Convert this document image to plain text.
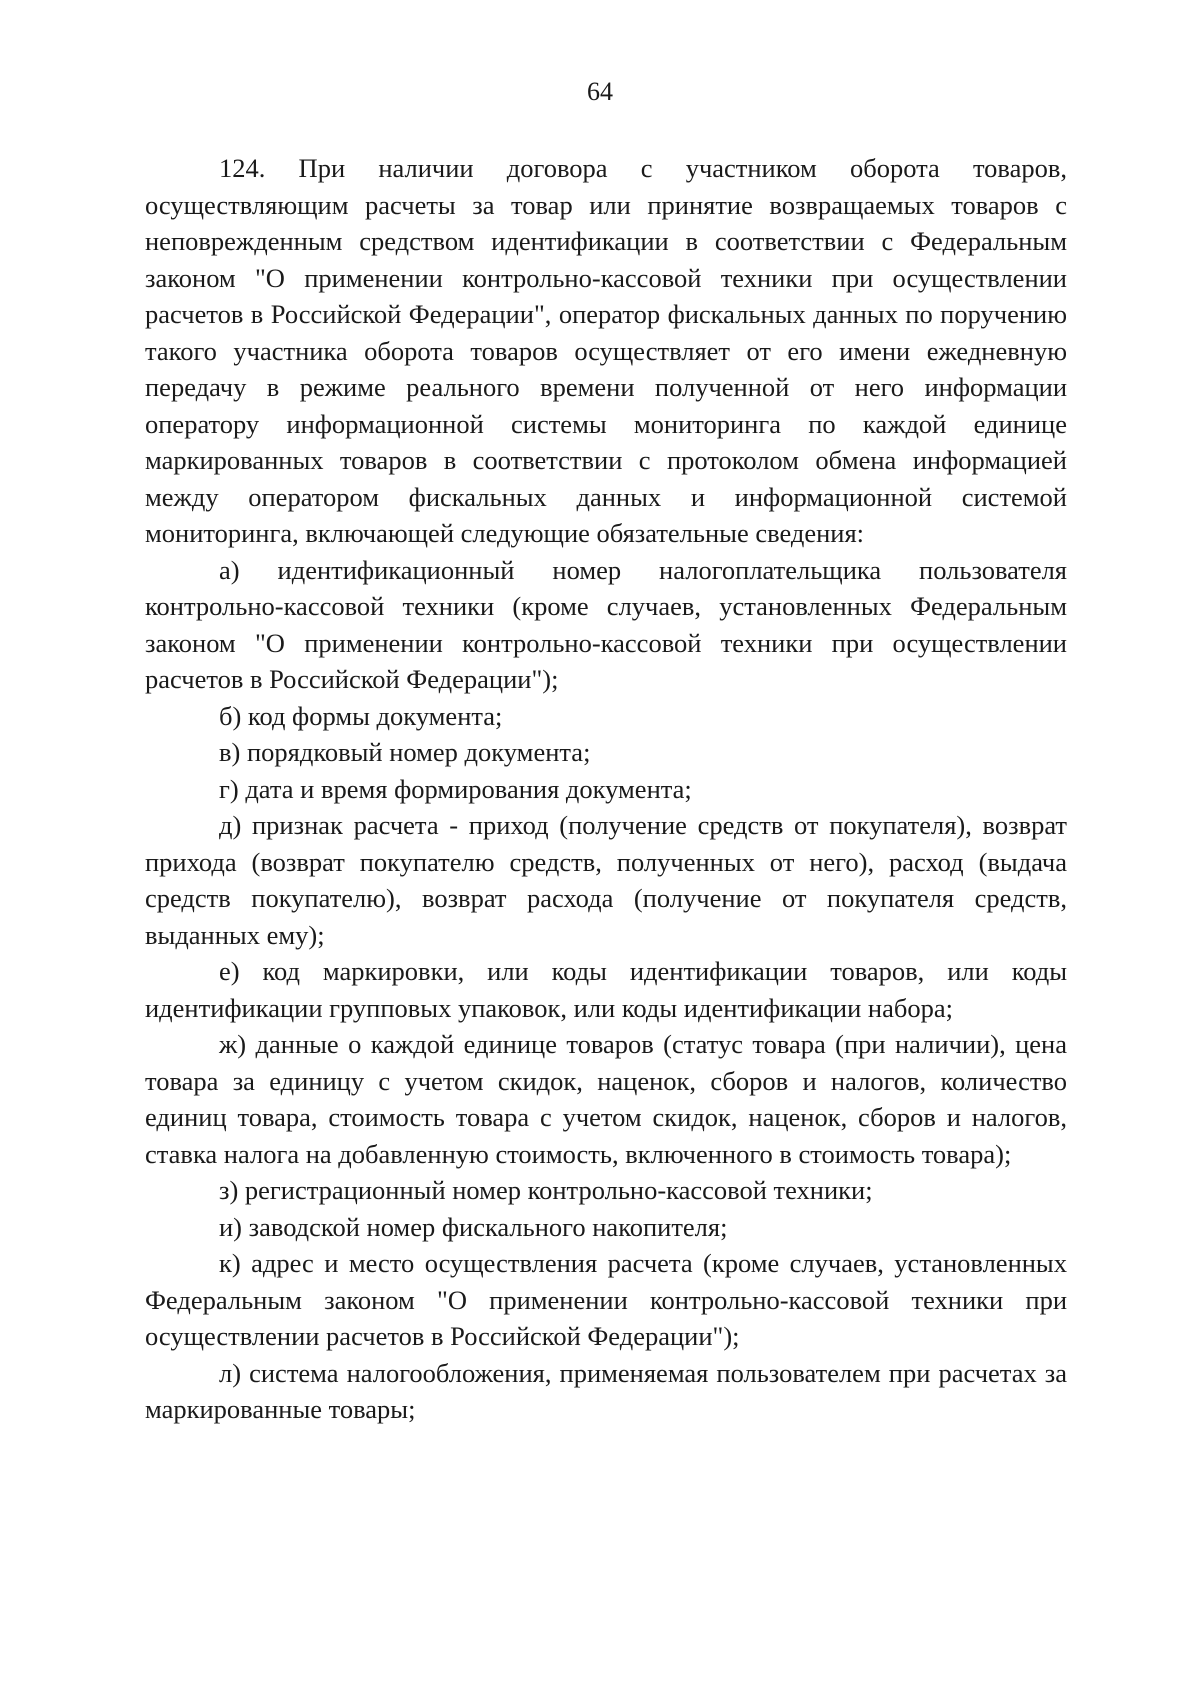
64

124. При наличии договора с участником оборота товаров, осуществляющим расчеты за товар или принятие возвращаемых товаров с неповрежденным средством идентификации в соответствии с Федеральным законом "О применении контрольно-кассовой техники при осуществлении расчетов в Российской Федерации", оператор фискальных данных по поручению такого участника оборота товаров осуществляет от его имени ежедневную передачу в режиме реального времени полученной от него информации оператору информационной системы мониторинга по каждой единице маркированных товаров в соответствии с протоколом обмена информацией между оператором фискальных данных и информационной системой мониторинга, включающей следующие обязательные сведения:

а) идентификационный номер налогоплательщика пользователя контрольно-кассовой техники (кроме случаев, установленных Федеральным законом "О применении контрольно-кассовой техники при осуществлении расчетов в Российской Федерации");

б) код формы документа;

в) порядковый номер документа;

г) дата и время формирования документа;

д) признак расчета - приход (получение средств от покупателя), возврат прихода (возврат покупателю средств, полученных от него), расход (выдача средств покупателю), возврат расхода (получение от покупателя средств, выданных ему);

е) код маркировки, или коды идентификации товаров, или коды идентификации групповых упаковок, или коды идентификации набора;

ж) данные о каждой единице товаров (статус товара (при наличии), цена товара за единицу с учетом скидок, наценок, сборов и налогов, количество единиц товара, стоимость товара с учетом скидок, наценок, сборов и налогов, ставка налога на добавленную стоимость, включенного в стоимость товара);

з) регистрационный номер контрольно-кассовой техники;

и) заводской номер фискального накопителя;

к) адрес и место осуществления расчета (кроме случаев, установленных Федеральным законом "О применении контрольно-кассовой техники при осуществлении расчетов в Российской Федерации");

л) система налогообложения, применяемая пользователем при расчетах за маркированные товары;
